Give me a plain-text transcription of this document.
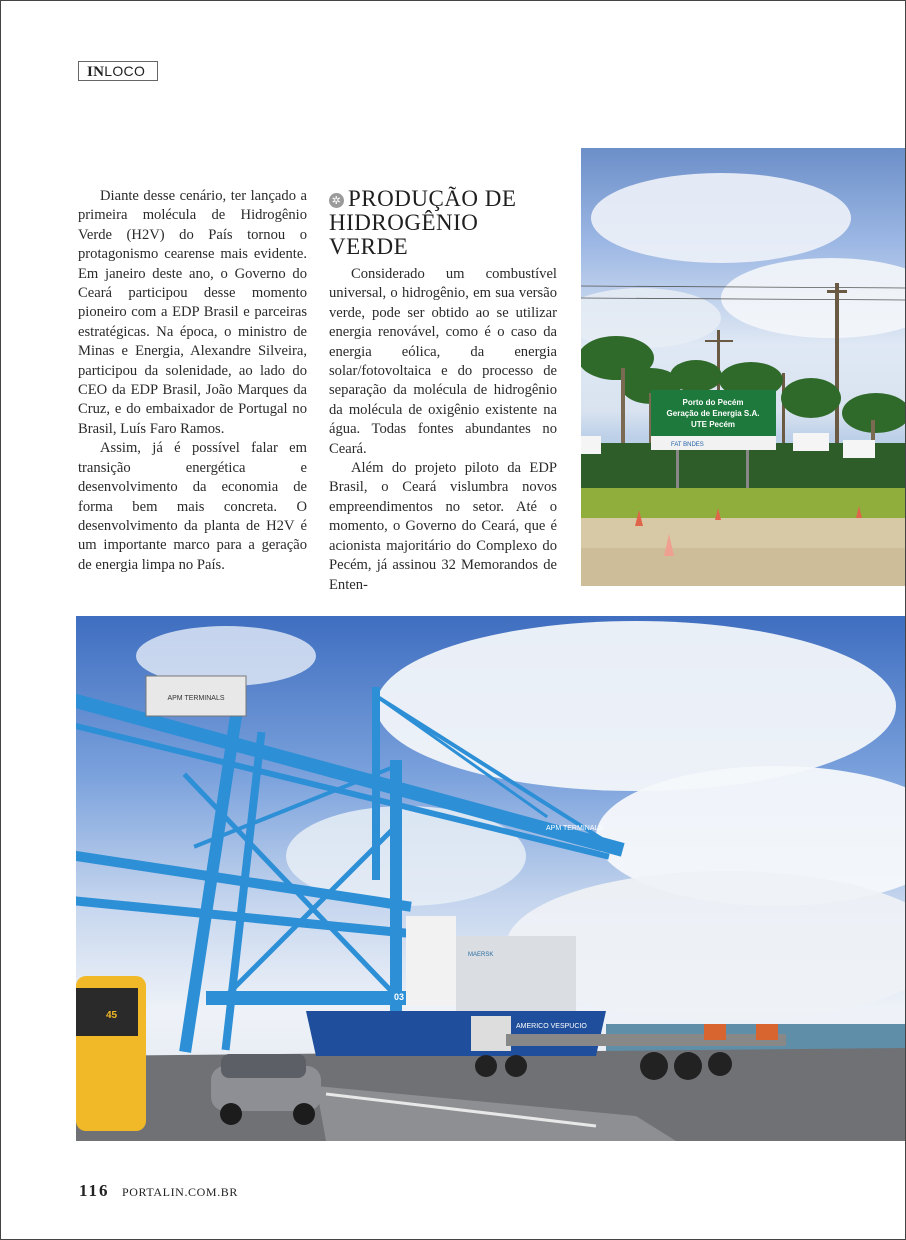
INLOCO

Diante desse cenário, ter lançado a primeira molécula de Hidrogênio Verde (H2V) do País tornou o protagonismo cearense mais evidente. Em janeiro deste ano, o Governo do Ceará participou desse momento pioneiro com a EDP Brasil e parceiras estratégicas. Na época, o ministro de Minas e Energia, Alexandre Silveira, participou da solenidade, ao lado do CEO da EDP Brasil, João Marques da Cruz, e do embaixador de Portugal no Brasil, Luís Faro Ramos.

Assim, já é possível falar em transição energética e desenvolvimento da economia de forma bem mais concreta. O desenvolvimento da planta de H2V é um importante marco para a geração de energia limpa no País.

✲ PRODUÇÃO DE HIDROGÊNIO VERDE

Considerado um combustível universal, o hidrogênio, em sua versão verde, pode ser obtido ao se utilizar energia renovável, como é o caso da energia eólica, da energia solar/fotovoltaica e do processo de separação da molécula de hidrogênio da molécula de oxigênio existente na água. Todas fontes abundantes no Ceará.

Além do projeto piloto da EDP Brasil, o Ceará vislumbra novos empreendimentos no setor. Até o momento, o Governo do Ceará, que é acionista majoritário do Complexo do Pecém, já assinou 32 Memorandos de Enten-

Porto do Pecém
Geração de Energia S.A.
UTE Pecém
FAT BNDES
APM TERMINALS
APM TERMINALS
03
MAERSK
AMERICO VESPUCIO
45
116 PORTALIN.COM.BR
